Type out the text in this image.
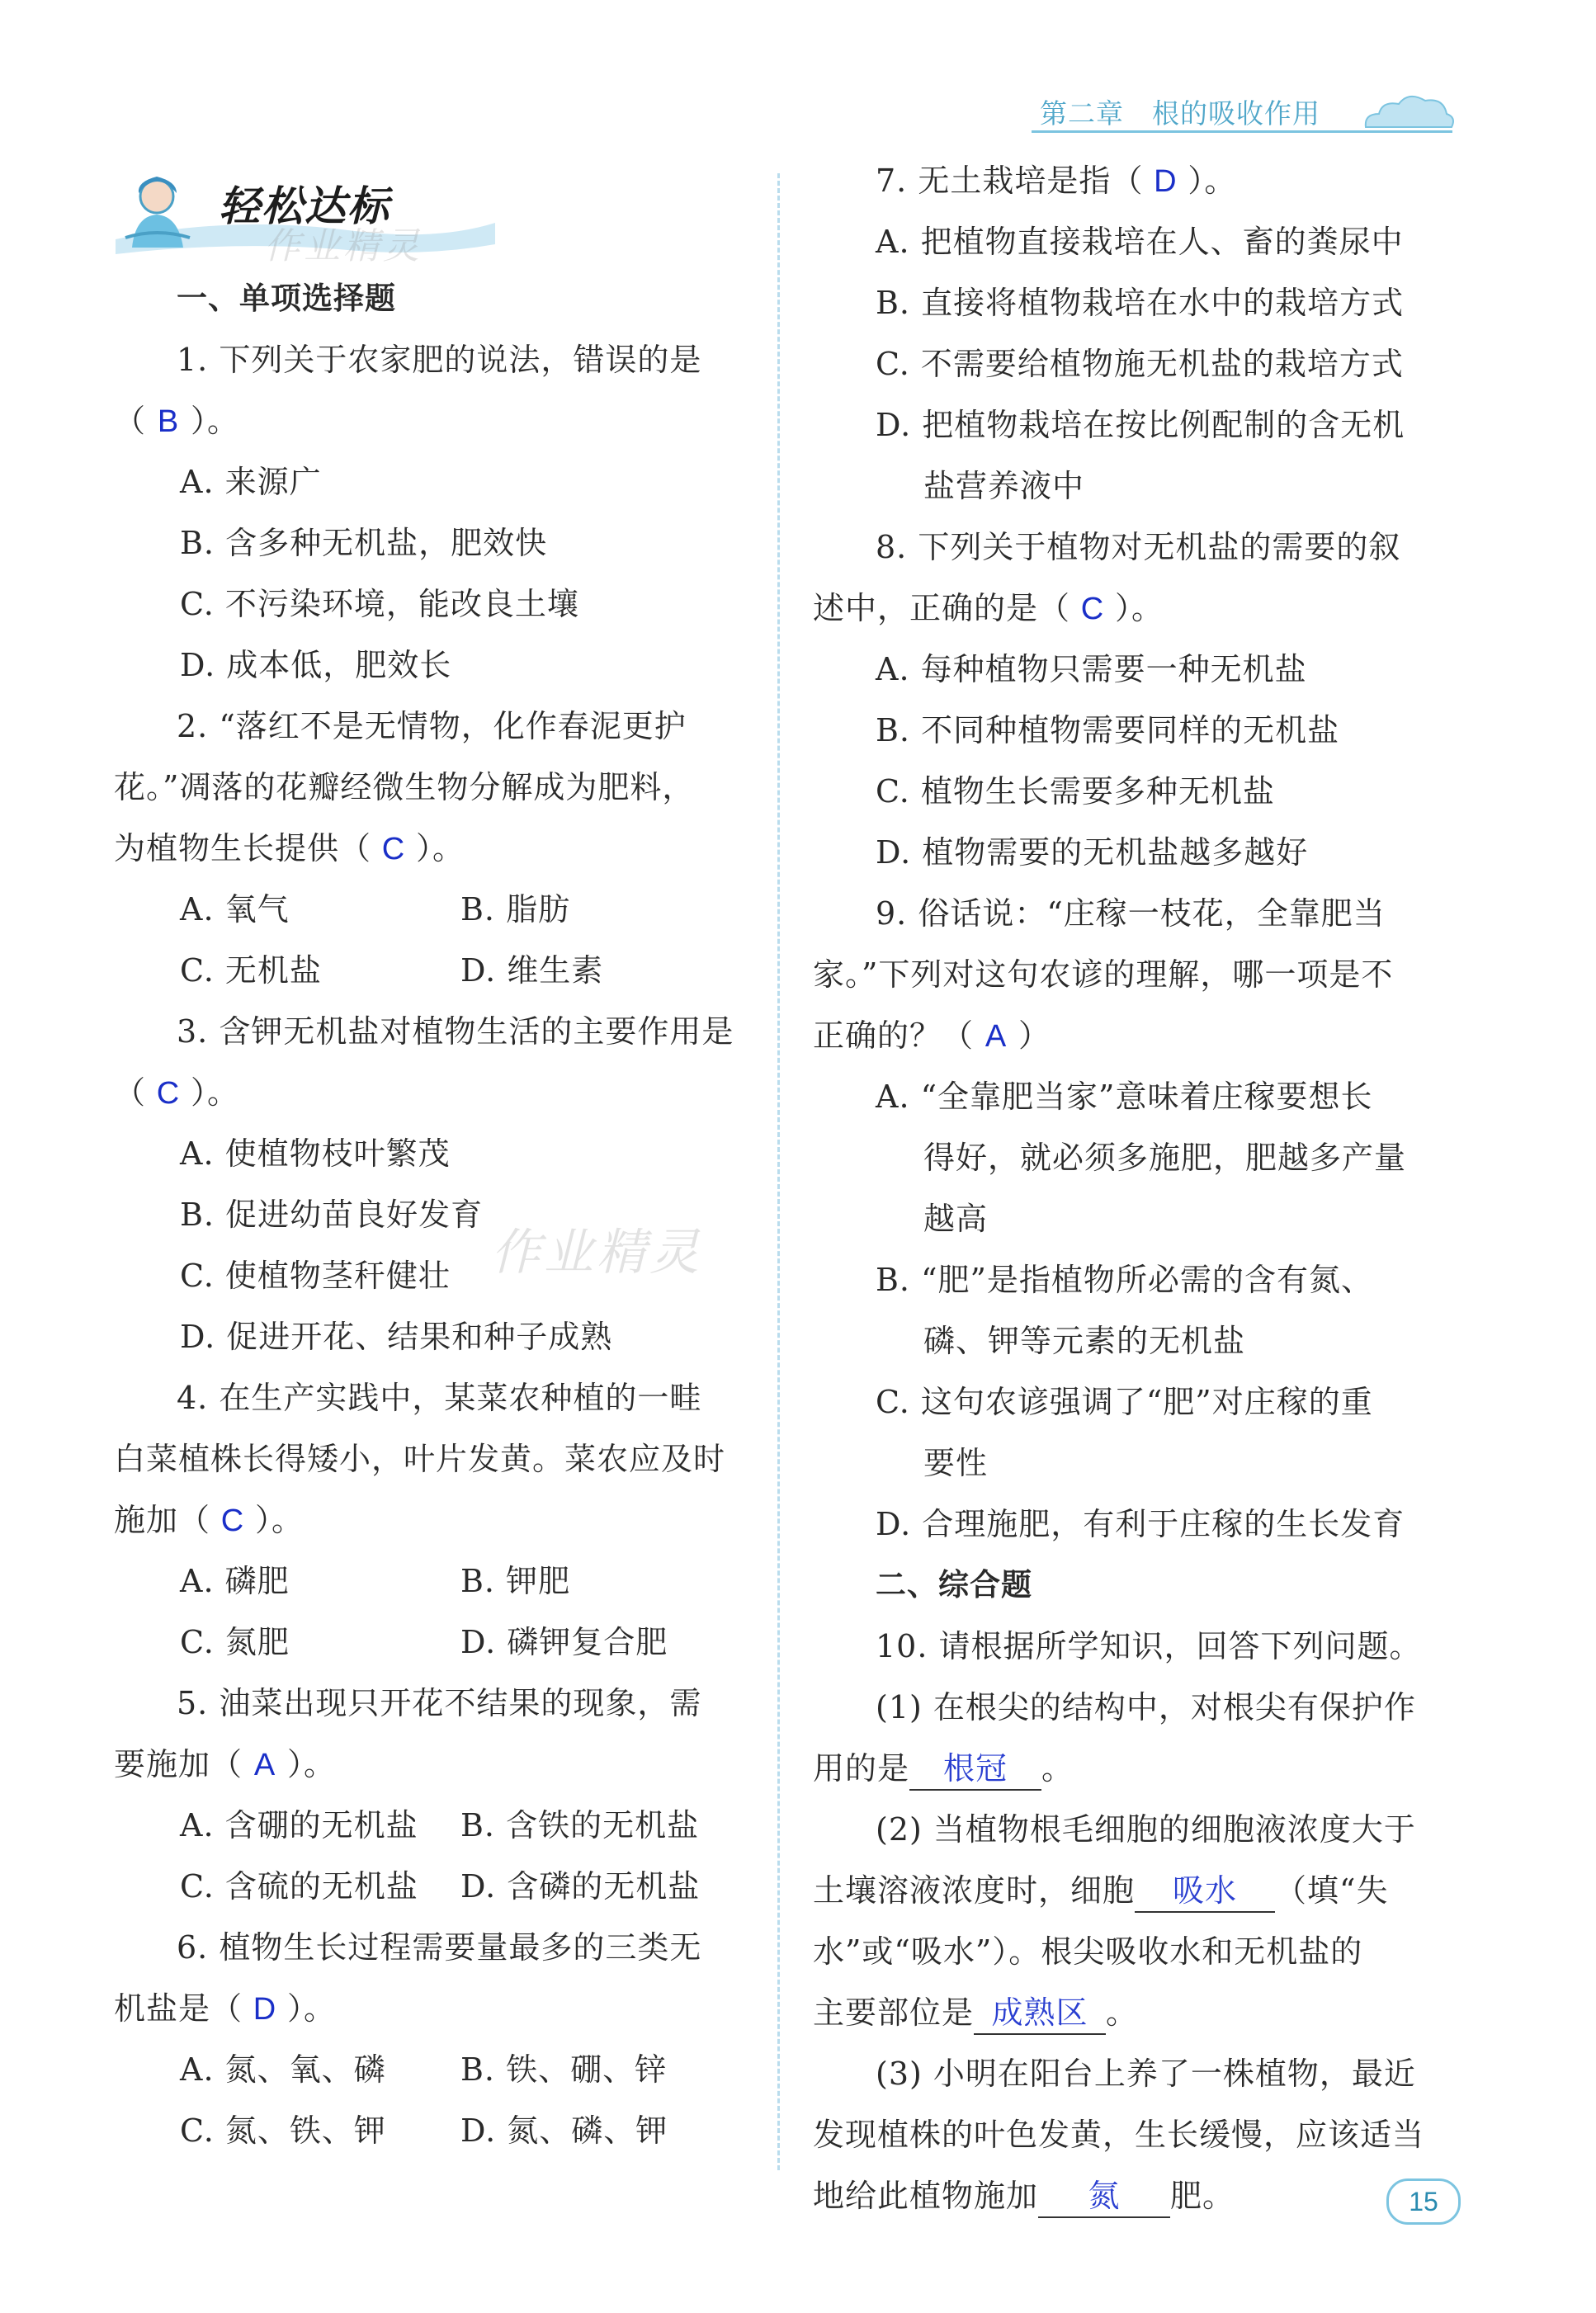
第二章　根的吸收作用
轻松达标
作业精灵
作业精灵
一、单项选择题
1. 下列关于农家肥的说法，错误的是
（ B ）。
A. 来源广
B. 含多种无机盐，肥效快
C. 不污染环境，能改良土壤
D. 成本低，肥效长
2. “落红不是无情物，化作春泥更护
花。”凋落的花瓣经微生物分解成为肥料，
为植物生长提供（ C ）。
A. 氧气	B. 脂肪
C. 无机盐	D. 维生素
3. 含钾无机盐对植物生活的主要作用是
（ C ）。
A. 使植物枝叶繁茂
B. 促进幼苗良好发育
C. 使植物茎秆健壮
D. 促进开花、结果和种子成熟
4. 在生产实践中，某菜农种植的一畦
白菜植株长得矮小，叶片发黄。菜农应及时
施加（ C ）。
A. 磷肥	B. 钾肥
C. 氮肥	D. 磷钾复合肥
5. 油菜出现只开花不结果的现象，需
要施加（ A ）。
A. 含硼的无机盐	B. 含铁的无机盐
C. 含硫的无机盐	D. 含磷的无机盐
6. 植物生长过程需要量最多的三类无
机盐是（ D ）。
A. 氮、氧、磷	B. 铁、硼、锌
C. 氮、铁、钾	D. 氮、磷、钾
7. 无土栽培是指（ D ）。
A. 把植物直接栽培在人、畜的粪尿中
B. 直接将植物栽培在水中的栽培方式
C. 不需要给植物施无机盐的栽培方式
D. 把植物栽培在按比例配制的含无机
盐营养液中
8. 下列关于植物对无机盐的需要的叙
述中，正确的是（ C ）。
A. 每种植物只需要一种无机盐
B. 不同种植物需要同样的无机盐
C. 植物生长需要多种无机盐
D. 植物需要的无机盐越多越好
9. 俗话说：“庄稼一枝花，全靠肥当
家。”下列对这句农谚的理解，哪一项是不
正确的？（ A ）
A. “全靠肥当家”意味着庄稼要想长
得好，就必须多施肥，肥越多产量
越高
B. “肥”是指植物所必需的含有氮、
磷、钾等元素的无机盐
C. 这句农谚强调了“肥”对庄稼的重
要性
D. 合理施肥，有利于庄稼的生长发育
二、综合题
10. 请根据所学知识，回答下列问题。
(1) 在根尖的结构中，对根尖有保护作
用的是 根冠 。
(2) 当植物根毛细胞的细胞液浓度大于
土壤溶液浓度时，细胞 吸水 （填“失
水”或“吸水”）。根尖吸收水和无机盐的
主要部位是 成熟区 。
(3) 小明在阳台上养了一株植物，最近
发现植株的叶色发黄，生长缓慢，应该适当
地给此植物施加 氮 肥。	15
